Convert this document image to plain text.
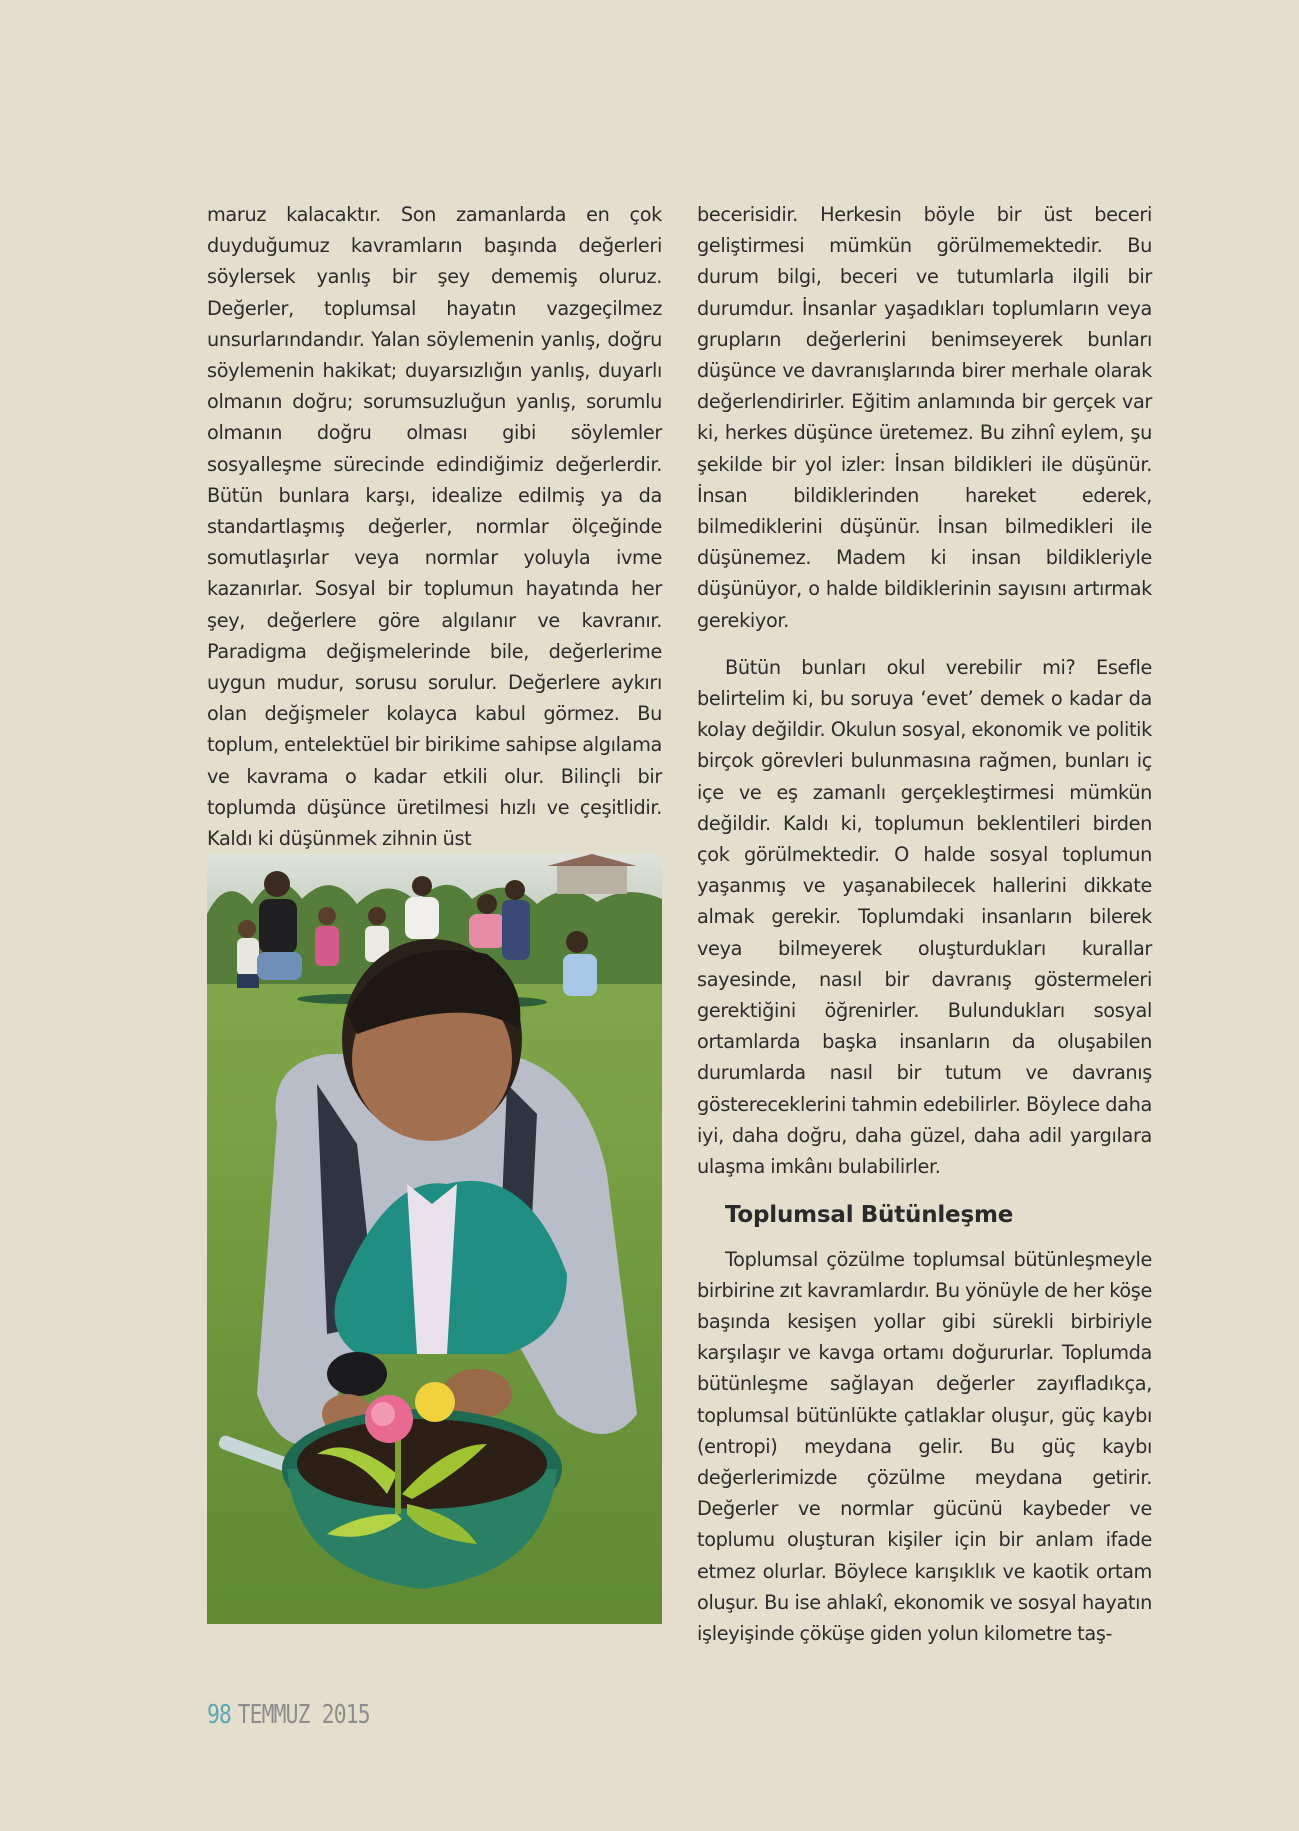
maruz kalacaktır. Son zamanlarda en çok duyduğumuz kavramların başında değerleri söylersek yanlış bir şey dememiş oluruz. Değerler, toplumsal hayatın vazgeçilmez unsurlarındandır. Yalan söylemenin yanlış, doğru söylemenin hakikat; duyarsızlığın yanlış, duyarlı olmanın doğru; sorumsuzluğun yanlış, sorumlu olmanın doğru olması gibi söylemler sosyalleşme sürecinde edindiğimiz değerlerdir. Bütün bunlara karşı, idealize edilmiş ya da standartlaşmış değerler, normlar ölçeğinde somutlaşırlar veya normlar yoluyla ivme kazanırlar. Sosyal bir toplumun hayatında her şey, değerlere göre algılanır ve kavranır. Paradigma değişmelerinde bile, değerlerime uygun mudur, sorusu sorulur. Değerlere aykırı olan değişmeler kolayca kabul görmez. Bu toplum, entelektüel bir birikime sahipse algılama ve kavrama o kadar etkili olur. Bilinçli bir toplumda düşünce üretilmesi hızlı ve çeşitlidir. Kaldı ki düşünmek zihnin üst

becerisidir. Herkesin böyle bir üst beceri geliştirmesi mümkün görülmemektedir. Bu durum bilgi, beceri ve tutumlarla ilgili bir durumdur. İnsanlar yaşadıkları toplumların veya grupların değerlerini benimseyerek bunları düşünce ve davranışlarında birer merhale olarak değerlendirirler. Eğitim anlamında bir gerçek var ki, herkes düşünce üretemez. Bu zihnî eylem, şu şekilde bir yol izler: İnsan bildikleri ile düşünür. İnsan bildiklerinden hareket ederek, bilmediklerini düşünür. İnsan bilmedikleri ile düşünemez. Madem ki insan bildikleriyle düşünüyor, o halde bildiklerinin sayısını artırmak gerekiyor.

Bütün bunları okul verebilir mi? Esefle belirtelim ki, bu soruya ‘evet’ demek o kadar da kolay değildir. Okulun sosyal, ekonomik ve politik birçok görevleri bulunmasına rağmen, bunları iç içe ve eş zamanlı gerçekleştirmesi mümkün değildir. Kaldı ki, toplumun beklentileri birden çok görülmektedir. O halde sosyal toplumun yaşanmış ve yaşanabilecek hallerini dikkate almak gerekir. Toplumdaki insanların bilerek veya bilmeyerek oluşturdukları kurallar sayesinde, nasıl bir davranış göstermeleri gerektiğini öğrenirler. Bulundukları sosyal ortamlarda başka insanların da oluşabilen durumlarda nasıl bir tutum ve davranış göstereceklerini tahmin edebilirler. Böylece daha iyi, daha doğru, daha güzel, daha adil yargılara ulaşma imkânı bulabilirler.

Toplumsal Bütünleşme

Toplumsal çözülme toplumsal bütünleşmeyle birbirine zıt kavramlardır. Bu yönüyle de her köşe başında kesişen yollar gibi sürekli birbiriyle karşılaşır ve kavga ortamı doğururlar. Toplumda bütünleşme sağlayan değerler zayıfladıkça, toplumsal bütünlükte çatlaklar oluşur, güç kaybı (entropi) meydana gelir. Bu güç kaybı değerlerimizde çözülme meydana getirir. Değerler ve normlar gücünü kaybeder ve toplumu oluşturan kişiler için bir anlam ifade etmez olurlar. Böylece karışıklık ve kaotik ortam oluşur. Bu ise ahlakî, ekonomik ve sosyal hayatın işleyişinde çöküşe giden yolun kilometre taş-

98 TEMMUZ 2015
